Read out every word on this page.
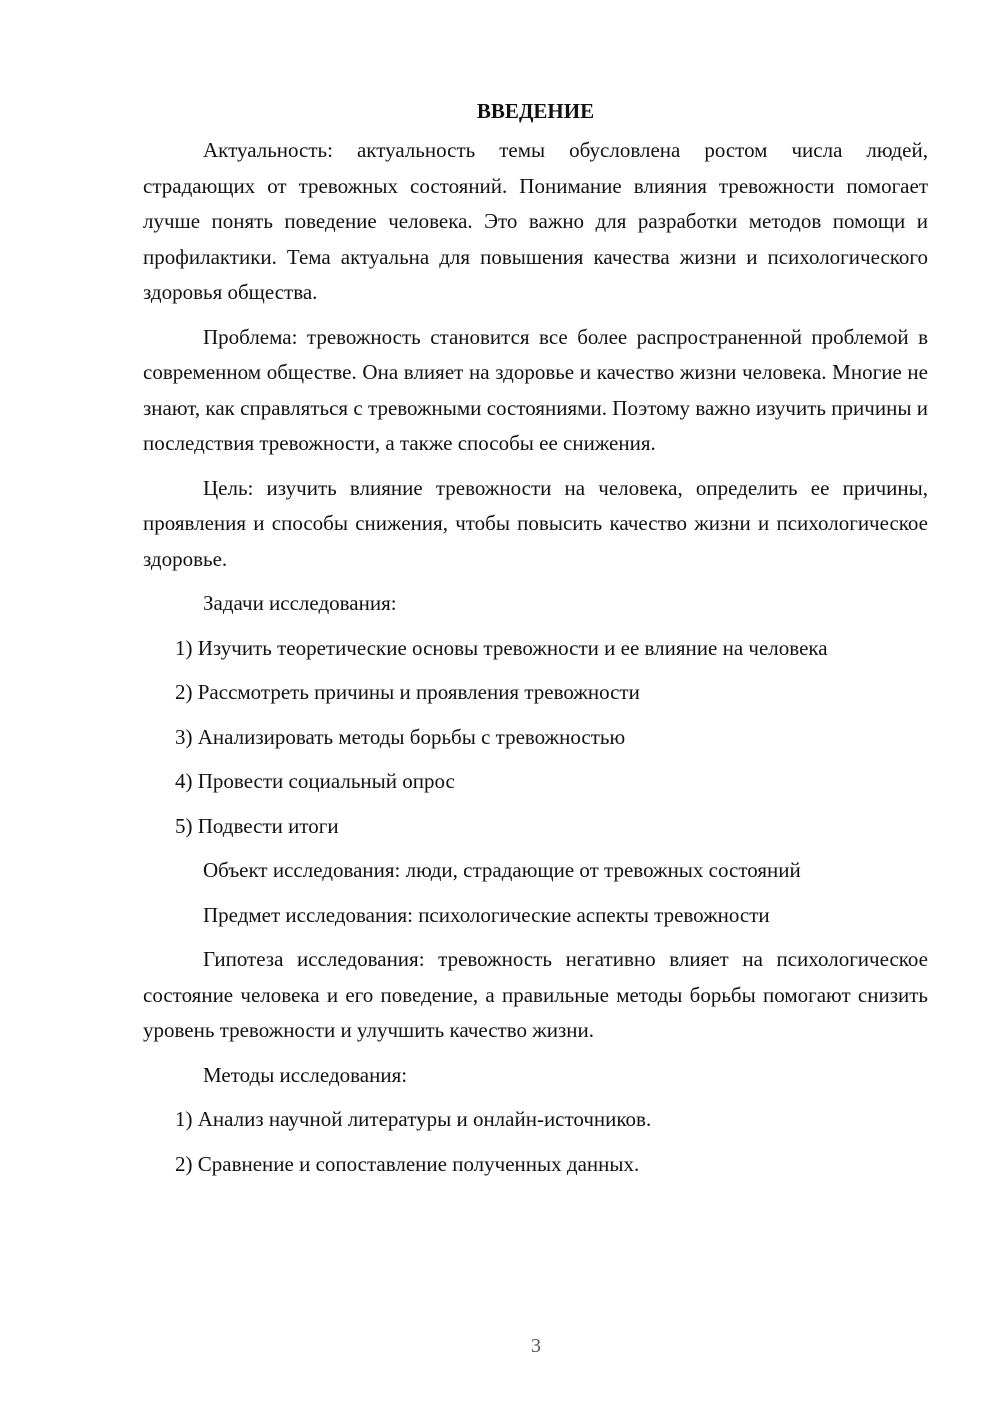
ВВЕДЕНИЕ

Актуальность: актуальность темы обусловлена ростом числа людей, страдающих от тревожных состояний. Понимание влияния тревожности помогает лучше понять поведение человека. Это важно для разработки методов помощи и профилактики. Тема актуальна для повышения качества жизни и психологического здоровья общества.

Проблема: тревожность становится все более распространенной проблемой в современном обществе. Она влияет на здоровье и качество жизни человека. Многие не знают, как справляться с тревожными состояниями. Поэтому важно изучить причины и последствия тревожности, а также способы ее снижения.

Цель: изучить влияние тревожности на человека, определить ее причины, проявления и способы снижения, чтобы повысить качество жизни и психологическое здоровье.

Задачи исследования:

1) Изучить теоретические основы тревожности и ее влияние на человека

2) Рассмотреть причины и проявления тревожности

3) Анализировать методы борьбы с тревожностью

4) Провести социальный опрос

5) Подвести итоги

Объект исследования: люди, страдающие от тревожных состояний

Предмет исследования: психологические аспекты тревожности

Гипотеза исследования: тревожность негативно влияет на психологическое состояние человека и его поведение, а правильные методы борьбы помогают снизить уровень тревожности и улучшить качество жизни.

Методы исследования:

1) Анализ научной литературы и онлайн-источников.

2) Сравнение и сопоставление полученных данных.

3
